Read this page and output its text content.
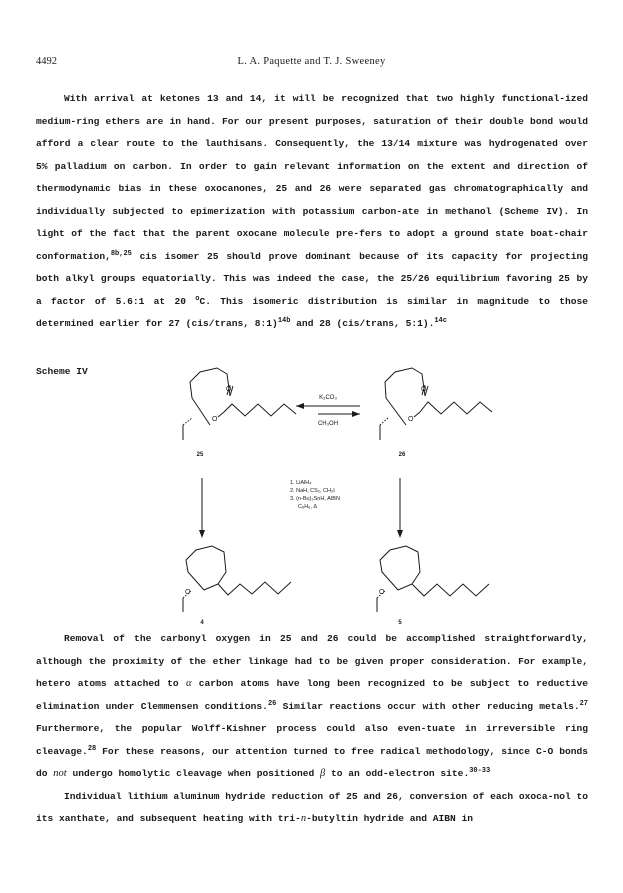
4492	L. A. Paquette and T. J. Sweeney

With arrival at ketones 13 and 14, it will be recognized that two highly functional-ized medium-ring ethers are in hand. For our present purposes, saturation of their double bond would afford a clear route to the lauthisans. Consequently, the 13/14 mixture was hydrogenated over 5% palladium on carbon. In order to gain relevant information on the extent and direction of thermodynamic bias in these oxocanones, 25 and 26 were separated gas chromatographically and individually subjected to epimerization with potassium carbon-ate in methanol (Scheme IV). In light of the fact that the parent oxocane molecule pre-fers to adopt a ground state boat-chair conformation,$^{8b,25}$ cis isomer 25 should prove dominant because of its capacity for projecting both alkyl groups equatorially. This was indeed the case, the 25/26 equilibrium favoring 25 by a factor of 5.6:1 at 20 $^o$C. This isomeric distribution is similar in magnitude to those determined earlier for 27 (cis/trans, 8:1)$^{14b}$ and 28 (cis/trans, 5:1).$^{14c}$

Scheme IV
O
O
O
O
K₂CO₃
CH₃OH
25	26
1. LiAlH₄
2. NaH, CS₂, CH₃I
3. (n-Bu)₃SnH, AIBN
C₆H₆, Δ
O	O
4	5

Removal of the carbonyl oxygen in 25 and 26 could be accomplished straightforwardly, although the proximity of the ether linkage had to be given proper consideration. For example, hetero atoms attached to α carbon atoms have long been recognized to be subject to reductive elimination under Clemmensen conditions.$^{26}$ Similar reactions occur with other reducing metals.$^{27}$ Furthermore, the popular Wolff-Kishner process could also even-tuate in irreversible ring cleavage.$^{28}$ For these reasons, our attention turned to free radical methodology, since C-O bonds do not undergo homolytic cleavage when positioned β to an odd-electron site.$^{30-33}$
Individual lithium aluminum hydride reduction of 25 and 26, conversion of each oxoca-nol to its xanthate, and subsequent heating with tri-n-butyltin hydride and AIBN in
